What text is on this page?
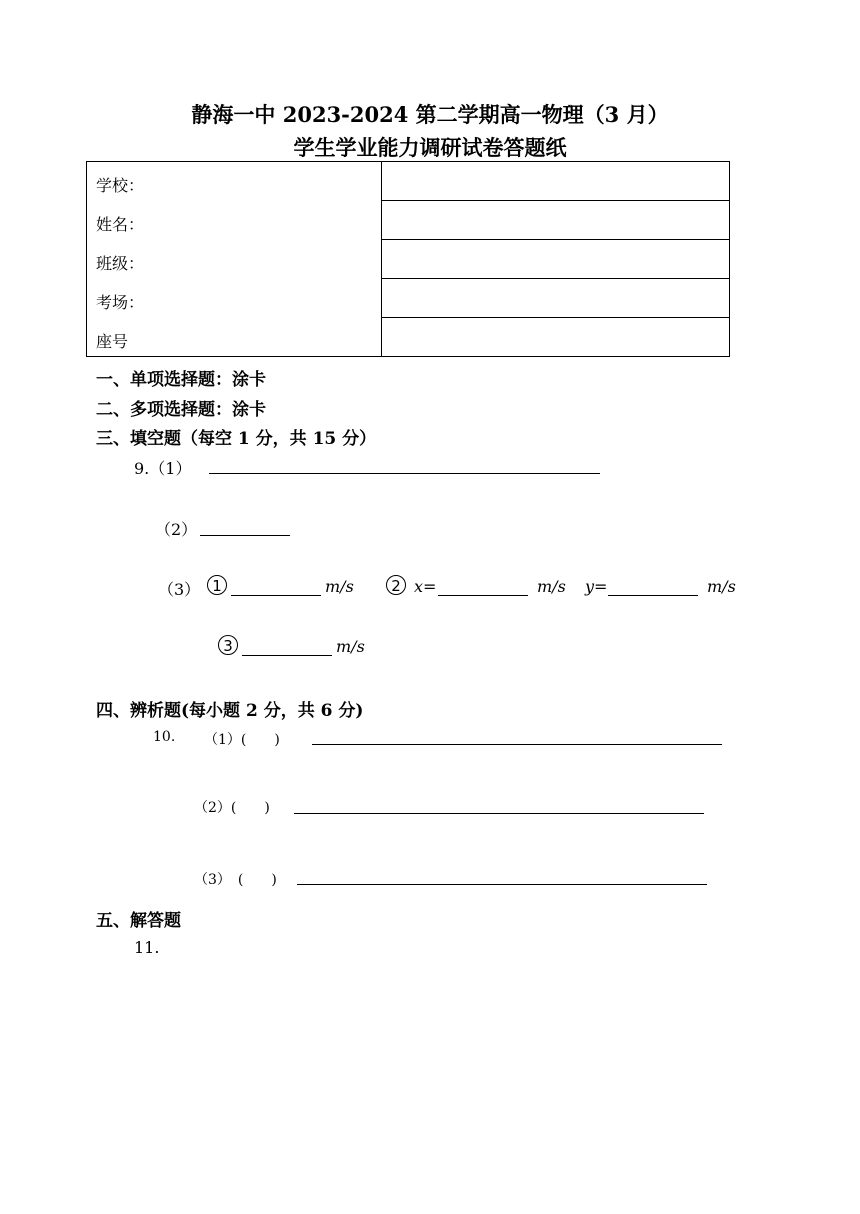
静海一中 2023-2024 第二学期高一物理（3 月）
学生学业能力调研试卷答题纸
学校：
姓名：
班级：
考场：
座号
一、单项选择题：涂卡
二、多项选择题：涂卡
三、填空题（每空 1 分，共 15 分）
9.（1）
（2）
（3） 1	m/s	2 x=	m/s y=	m/s
3	m/s
四、辨析题(每小题 2 分，共 6 分)
10. （1）(　　)
（2）(　　)
（3）　(　　)
五、解答题
11.
